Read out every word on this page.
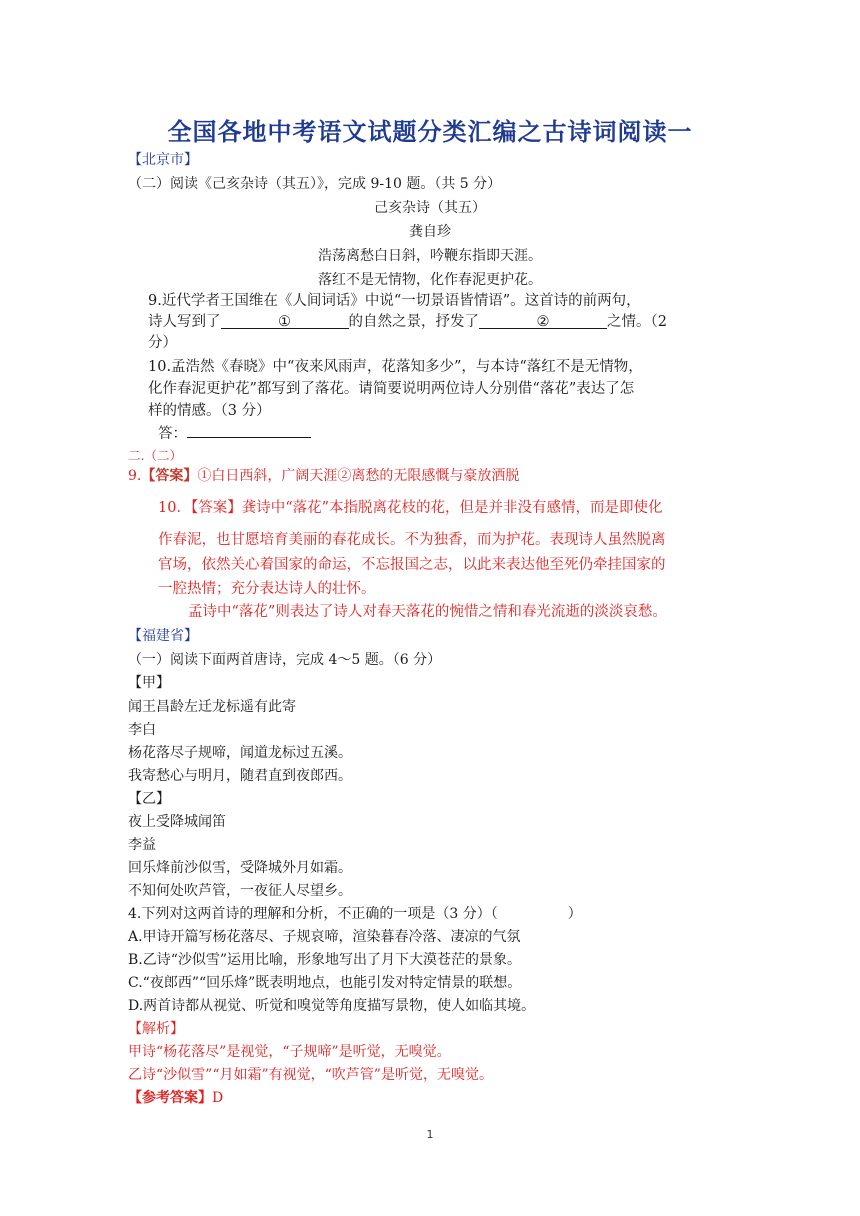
全国各地中考语文试题分类汇编之古诗词阅读一
【北京市】
（二）阅读《己亥杂诗（其五）》，完成 9-10 题。（共 5 分）
己亥杂诗（其五）
龚自珍
浩荡离愁白日斜，吟鞭东指即天涯。
落红不是无情物，化作春泥更护花。
9.近代学者王国维在《人间词话》中说“一切景语皆情语”。这首诗的前两句，
诗人写到了	①	的自然之景，抒发了	②	之情。（2
分）
10.孟浩然《春晓》中“夜来风雨声，花落知多少”，与本诗“落红不是无情物，
化作春泥更护花”都写到了落花。请简要说明两位诗人分别借“落花”表达了怎
样的情感。（3 分）
答：
二.（二）
9.【答案】①白日西斜，广阔天涯②离愁的无限感慨与豪放洒脱
10．【答案】龚诗中“落花”本指脱离花枝的花，但是并非没有感情，而是即使化
作春泥，也甘愿培育美丽的春花成长。不为独香，而为护花。表现诗人虽然脱离
官场，依然关心着国家的命运，不忘报国之志，以此来表达他至死仍牵挂国家的
一腔热情；充分表达诗人的壮怀。
孟诗中“落花”则表达了诗人对春天落花的惋惜之情和春光流逝的淡淡哀愁。
【福建省】
（一）阅读下面两首唐诗，完成 4～5 题。（6 分）
【甲】
闻王昌龄左迁龙标遥有此寄
李白
杨花落尽子规啼，闻道龙标过五溪。
我寄愁心与明月，随君直到夜郎西。
【乙】
夜上受降城闻笛
李益
回乐烽前沙似雪，受降城外月如霜。
不知何处吹芦管，一夜征人尽望乡。
4.下列对这两首诗的理解和分析，不正确的一项是（3 分）（　　　　　）
A.甲诗开篇写杨花落尽、子规哀啼，渲染暮春冷落、凄凉的气氛
B.乙诗“沙似雪”运用比喻，形象地写出了月下大漠苍茫的景象。
C.“夜郎西”“回乐烽”既表明地点，也能引发对特定情景的联想。
D.两首诗都从视觉、听觉和嗅觉等角度描写景物，使人如临其境。
【解析】
甲诗“杨花落尽”是视觉，“子规啼”是听觉，无嗅觉。
乙诗“沙似雪”“月如霜”有视觉，“吹芦管”是听觉，无嗅觉。
【参考答案】D
1
